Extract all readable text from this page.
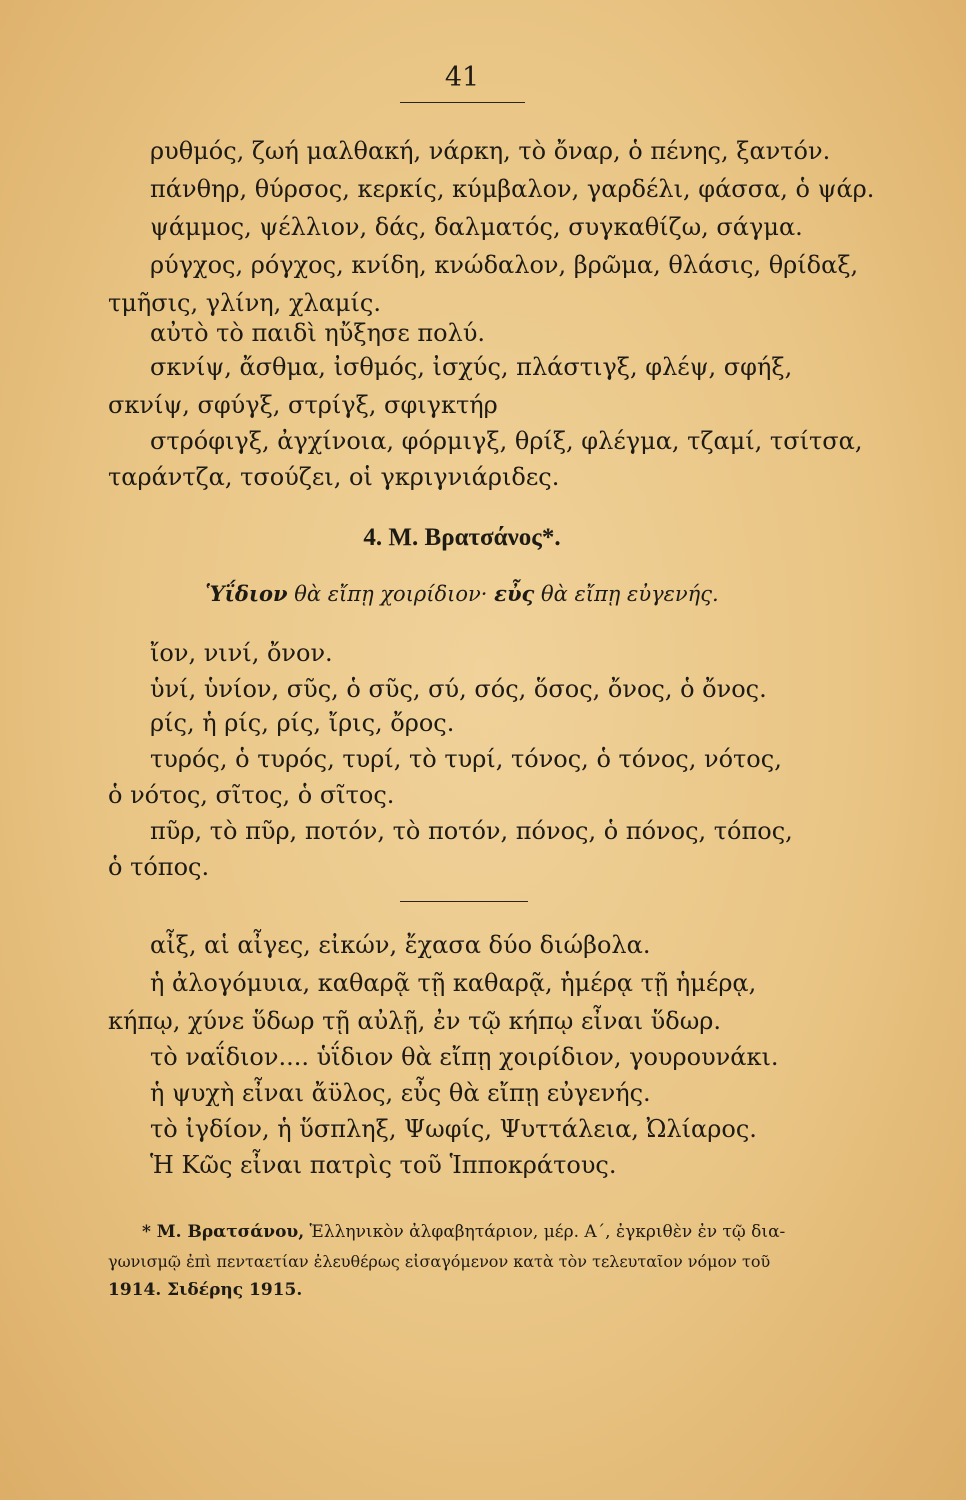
41
ρυθμός, ζωή μαλθακή, νάρκη, τὸ ὄναρ, ὁ πένης, ξαντόν.
πάνθηρ, θύρσος, κερκίς, κύμβαλον, γαρδέλι, φάσσα, ὁ ψάρ.
ψάμμος, ψέλλιον, δάς, δαλματός, συγκαθίζω, σάγμα.
ρύγχος, ρόγχος, κνίδη, κνώδαλον, βρῶμα, θλάσις, θρίδαξ,
τμῆσις, γλίνη, χλαμίς.
αὐτὸ τὸ παιδὶ ηὔξησε πολύ.
σκνίψ, ἄσθμα, ἰσθμός, ἰσχύς, πλάστιγξ, φλέψ, σφήξ,
σκνίψ, σφύγξ, στρίγξ, σφιγκτήρ
στρόφιγξ, ἀγχίνοια, φόρμιγξ, θρίξ, φλέγμα, τζαμί, τσίτσα,
ταράντζα, τσούζει, οἱ γκριγνιάριδες.
4. Μ. Βρατσάνος*.
Ὑΐδιον θὰ εἴπῃ χοιρίδιον· εὖς θὰ εἴπῃ εὐγενής.
ἴον, νινί, ὄνον.
ὑνί, ὑνίον, σῦς, ὁ σῦς, σύ, σός, ὅσος, ὄνος, ὁ ὄνος.
ρίς, ἡ ρίς, ρίς, ἴρις, ὄρος.
τυρός, ὁ τυρός, τυρί, τὸ τυρί, τόνος, ὁ τόνος, νότος,
ὁ νότος, σῖτος, ὁ σῖτος.
πῦρ, τὸ πῦρ, ποτόν, τὸ ποτόν, πόνος, ὁ πόνος, τόπος,
ὁ τόπος.
αἶξ, αἱ αἶγες, εἰκών, ἔχασα δύο διώβολα.
ἡ ἀλογόμυια, καθαρᾷ τῇ καθαρᾷ, ἡμέρᾳ τῇ ἡμέρᾳ,
κήπῳ, χύνε ὕδωρ τῇ αὐλῇ, ἐν τῷ κήπῳ εἶναι ὕδωρ.
τὸ ναΐδιον.... ὑΐδιον θὰ εἴπῃ χοιρίδιον, γουρουνάκι.
ἡ ψυχὴ εἶναι ἄϋλος, εὖς θὰ εἴπῃ εὐγενής.
τὸ ἰγδίον, ἡ ὕσπληξ, Ψωφίς, Ψυττάλεια, Ὠλίαρος.
Ἡ Κῶς εἶναι πατρὶς τοῦ Ἱπποκράτους.
* Μ. Βρατσάνου, Ἑλληνικὸν ἀλφαβητάριον, μέρ. Α΄, ἐγκριθὲν ἐν τῷ δια-
γωνισμῷ ἐπὶ πενταετίαν ἐλευθέρως εἰσαγόμενον κατὰ τὸν τελευταῖον νόμον τοῦ
1914. Σιδέρης 1915.
